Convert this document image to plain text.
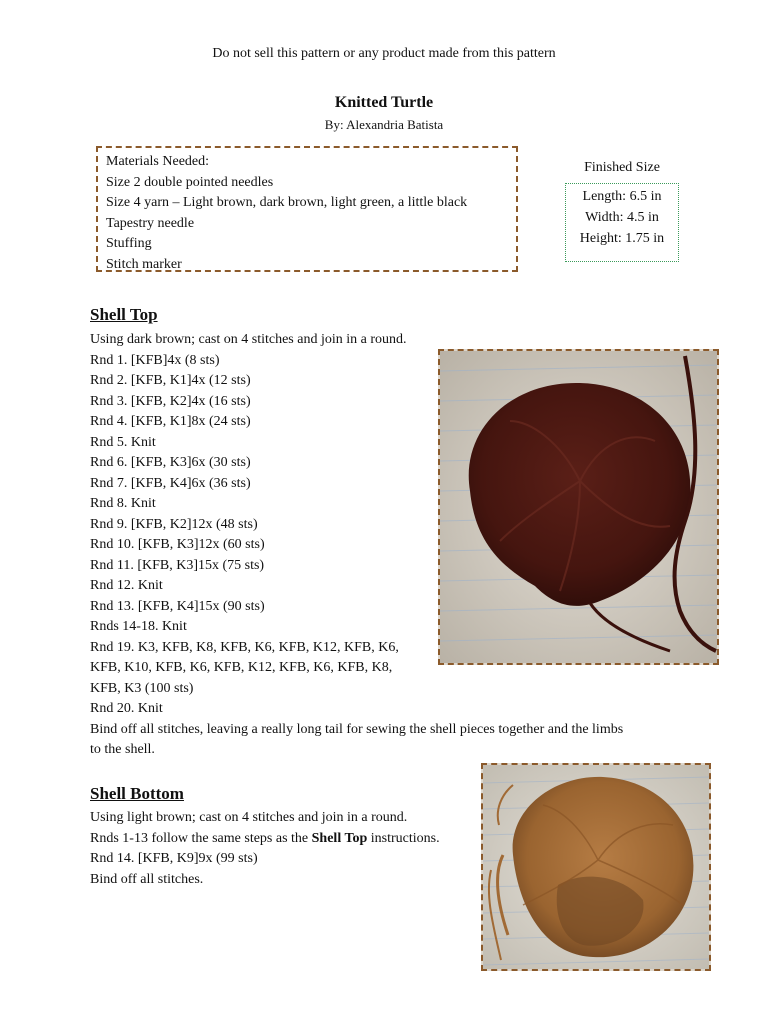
Do not sell this pattern or any product made from this pattern
Knitted Turtle
By: Alexandria Batista
Materials Needed:
Size 2 double pointed needles
Size 4 yarn – Light brown, dark brown, light green, a little black
Tapestry needle
Stuffing
Stitch marker
Finished Size
Length: 6.5 in
Width: 4.5 in
Height: 1.75 in
Shell Top
Using dark brown; cast on 4 stitches and join in a round.
Rnd 1. [KFB]4x (8 sts)
Rnd 2. [KFB, K1]4x (12 sts)
Rnd 3. [KFB, K2]4x (16 sts)
Rnd 4. [KFB, K1]8x (24 sts)
Rnd 5. Knit
Rnd 6. [KFB, K3]6x (30 sts)
Rnd 7. [KFB, K4]6x (36 sts)
Rnd 8. Knit
Rnd 9. [KFB, K2]12x (48 sts)
Rnd 10. [KFB, K3]12x (60 sts)
Rnd 11. [KFB, K3]15x (75 sts)
Rnd 12. Knit
Rnd 13. [KFB, K4]15x (90 sts)
Rnds 14-18. Knit
Rnd 19. K3, KFB, K8, KFB, K6, KFB, K12, KFB, K6,
KFB, K10, KFB, K6, KFB, K12, KFB, K6, KFB, K8,
KFB, K3 (100 sts)
Rnd 20. Knit
Bind off all stitches, leaving a really long tail for sewing the shell pieces together and the limbs
to the shell.
Shell Bottom
Using light brown; cast on 4 stitches and join in a round.
Rnds 1-13 follow the same steps as the Shell Top instructions.
Rnd 14. [KFB, K9]9x (99 sts)
Bind off all stitches.
